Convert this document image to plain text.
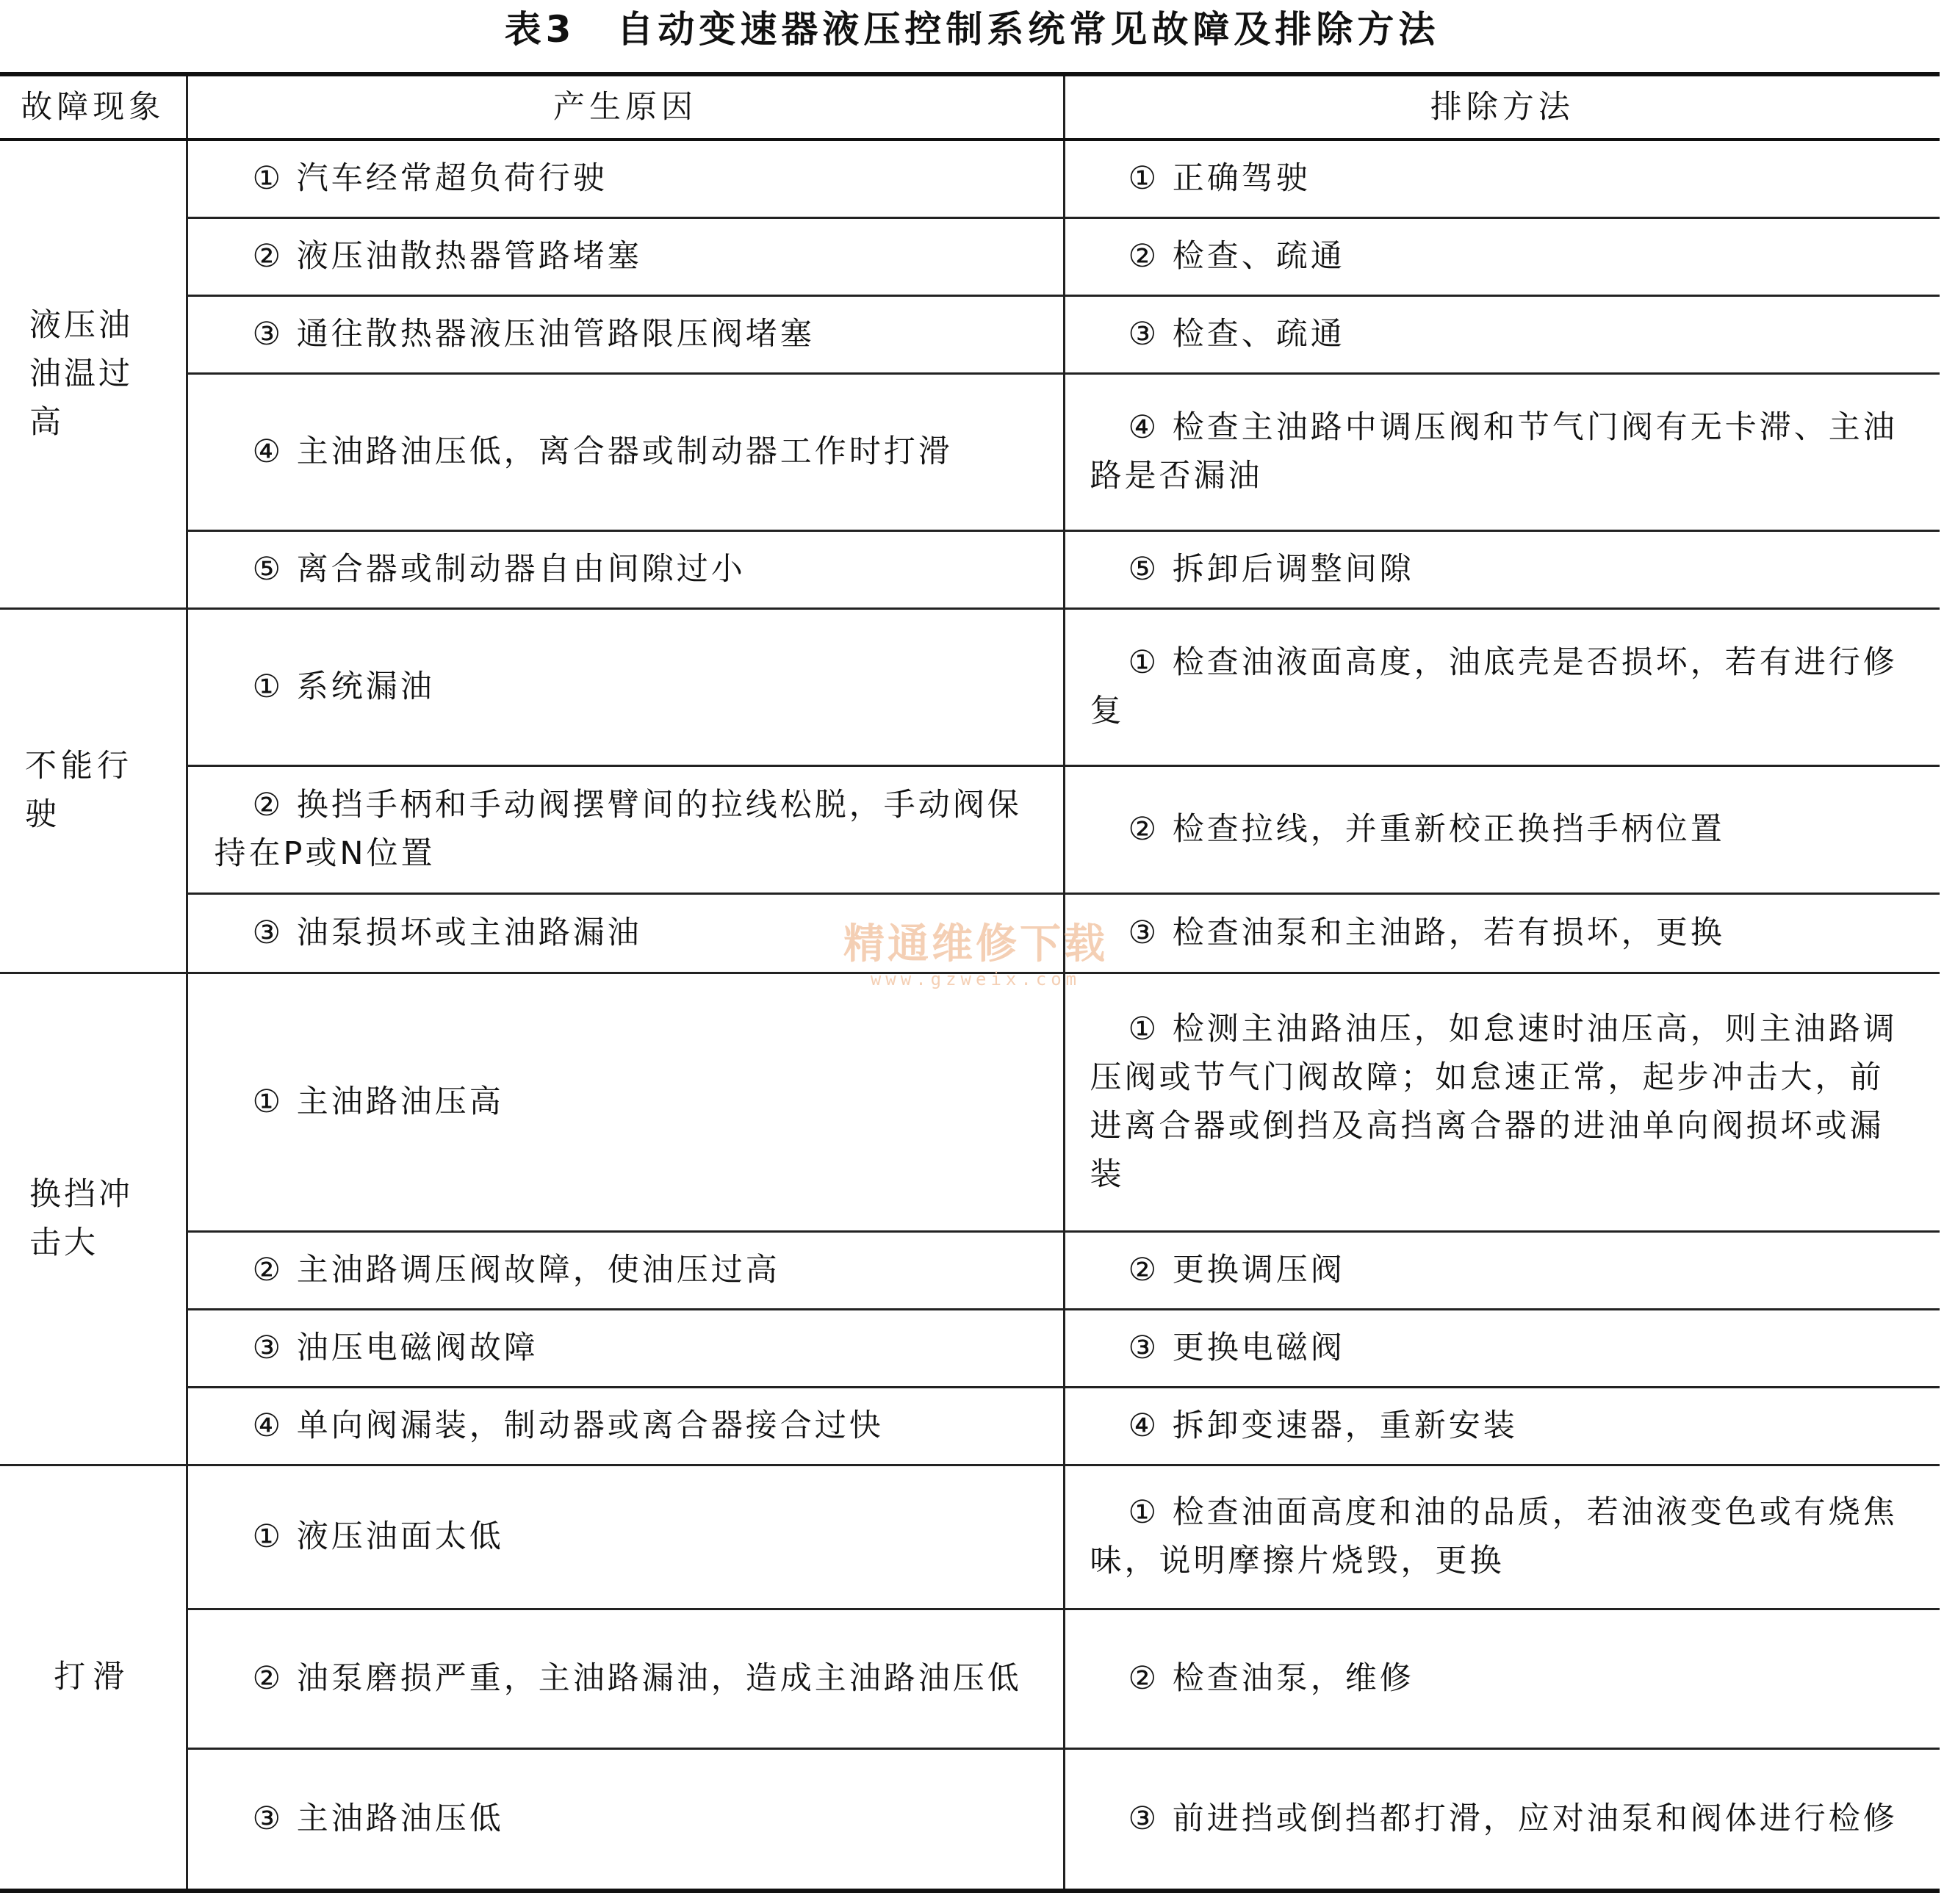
表3　自动变速器液压控制系统常见故障及排除方法
故障现象	产生原因	排除方法
液压油油温过高	① 汽车经常超负荷行驶	① 正确驾驶
	② 液压油散热器管路堵塞	② 检查、疏通
	③ 通往散热器液压油管路限压阀堵塞	③ 检查、疏通
	④ 主油路油压低，离合器或制动器工作时打滑	④ 检查主油路中调压阀和节气门阀有无卡滞、主油路是否漏油
	⑤ 离合器或制动器自由间隙过小	⑤ 拆卸后调整间隙
不能行驶	① 系统漏油	① 检查油液面高度，油底壳是否损坏，若有进行修复
	② 换挡手柄和手动阀摆臂间的拉线松脱，手动阀保持在P或N位置	② 检查拉线，并重新校正换挡手柄位置
	③ 油泵损坏或主油路漏油	③ 检查油泵和主油路，若有损坏，更换
换挡冲击大	① 主油路油压高	① 检测主油路油压，如怠速时油压高，则主油路调压阀或节气门阀故障；如怠速正常，起步冲击大，前进离合器或倒挡及高挡离合器的进油单向阀损坏或漏装
	② 主油路调压阀故障，使油压过高	② 更换调压阀
	③ 油压电磁阀故障	③ 更换电磁阀
	④ 单向阀漏装，制动器或离合器接合过快	④ 拆卸变速器，重新安装
打滑	① 液压油面太低	① 检查油面高度和油的品质，若油液变色或有烧焦味，说明摩擦片烧毁，更换
	② 油泵磨损严重，主油路漏油，造成主油路油压低	② 检查油泵，维修
	③ 主油路油压低	③ 前进挡或倒挡都打滑，应对油泵和阀体进行检修
精通维修下载
www.gzweix.com
